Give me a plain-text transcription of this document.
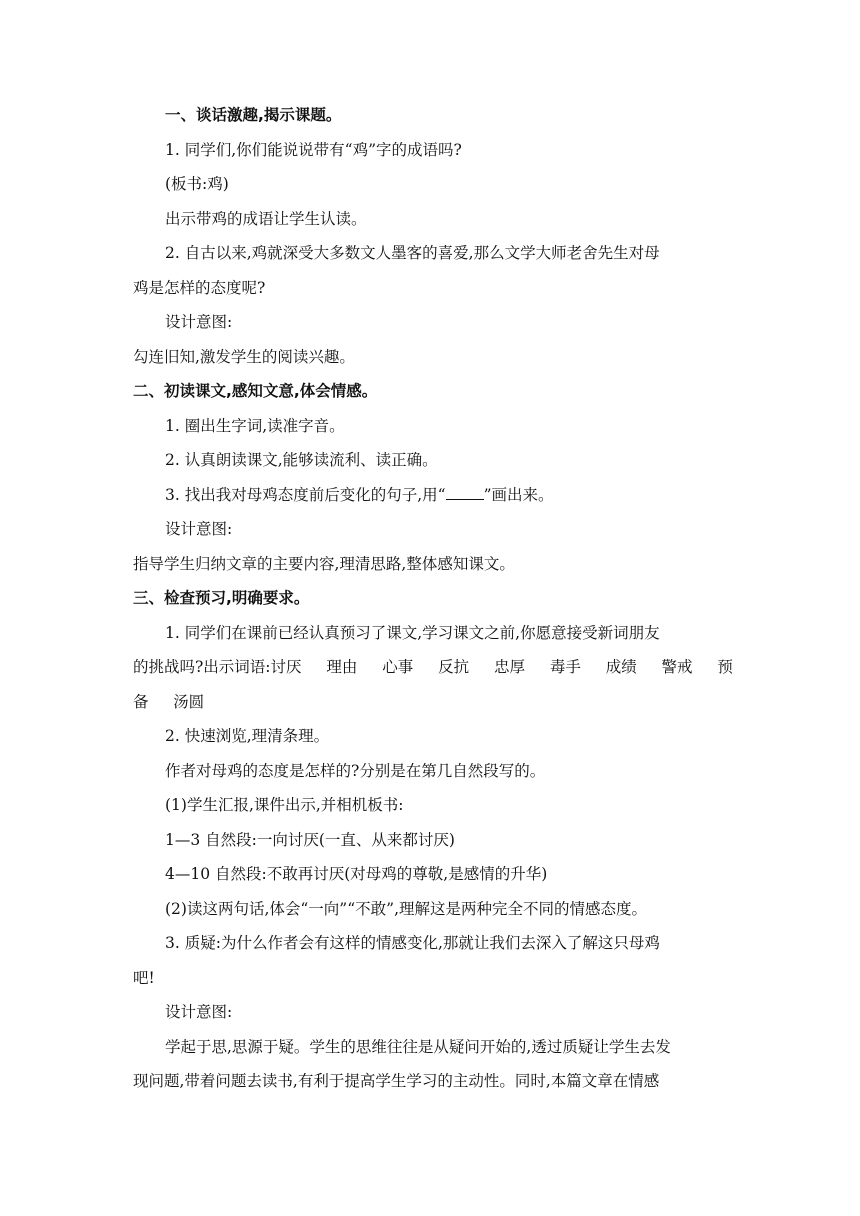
一、谈话激趣,揭示课题。
1. 同学们,你们能说说带有“鸡”字的成语吗?
(板书:鸡)
出示带鸡的成语让学生认读。
2. 自古以来,鸡就深受大多数文人墨客的喜爱,那么文学大师老舍先生对母
鸡是怎样的态度呢?
设计意图:
勾连旧知,激发学生的阅读兴趣。
二、初读课文,感知文意,体会情感。
1. 圈出生字词,读准字音。
2. 认真朗读课文,能够读流利、读正确。
3. 找出我对母鸡态度前后变化的句子,用“ ”画出来。
设计意图:
指导学生归纳文章的主要内容,理清思路,整体感知课文。
三、检查预习,明确要求。
1. 同学们在课前已经认真预习了课文,学习课文之前,你愿意接受新词朋友
的挑战吗?出示词语:讨厌 理由 心事 反抗 忠厚 毒手 成绩 警戒 预
备 汤圆
2. 快速浏览,理清条理。
作者对母鸡的态度是怎样的?分别是在第几自然段写的。
(1)学生汇报,课件出示,并相机板书:
1—3 自然段:一向讨厌(一直、从来都讨厌)
4—10 自然段:不敢再讨厌(对母鸡的尊敬,是感情的升华)
(2)读这两句话,体会“一向”“不敢”,理解这是两种完全不同的情感态度。
3. 质疑:为什么作者会有这样的情感变化,那就让我们去深入了解这只母鸡
吧!
设计意图:
学起于思,思源于疑。学生的思维往往是从疑问开始的,透过质疑让学生去发
现问题,带着问题去读书,有利于提高学生学习的主动性。同时,本篇文章在情感
